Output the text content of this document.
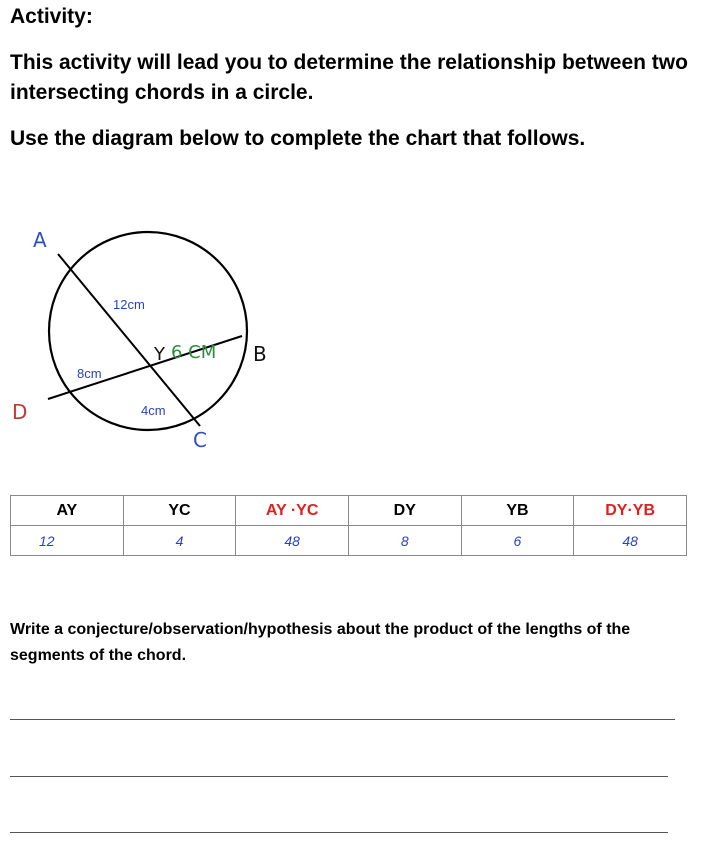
Activity:
This activity will lead you to determine the relationship between two intersecting chords in a circle.
Use the diagram below to complete the chart that follows.
A
B
C
D
Y
12cm
6 CM
8cm
4cm
AY	YC	AY ·YC	DY	YB	DY·YB
12	4	48	8	6	48
Write a conjecture/observation/hypothesis about the product of the lengths of the segments of the chord.
